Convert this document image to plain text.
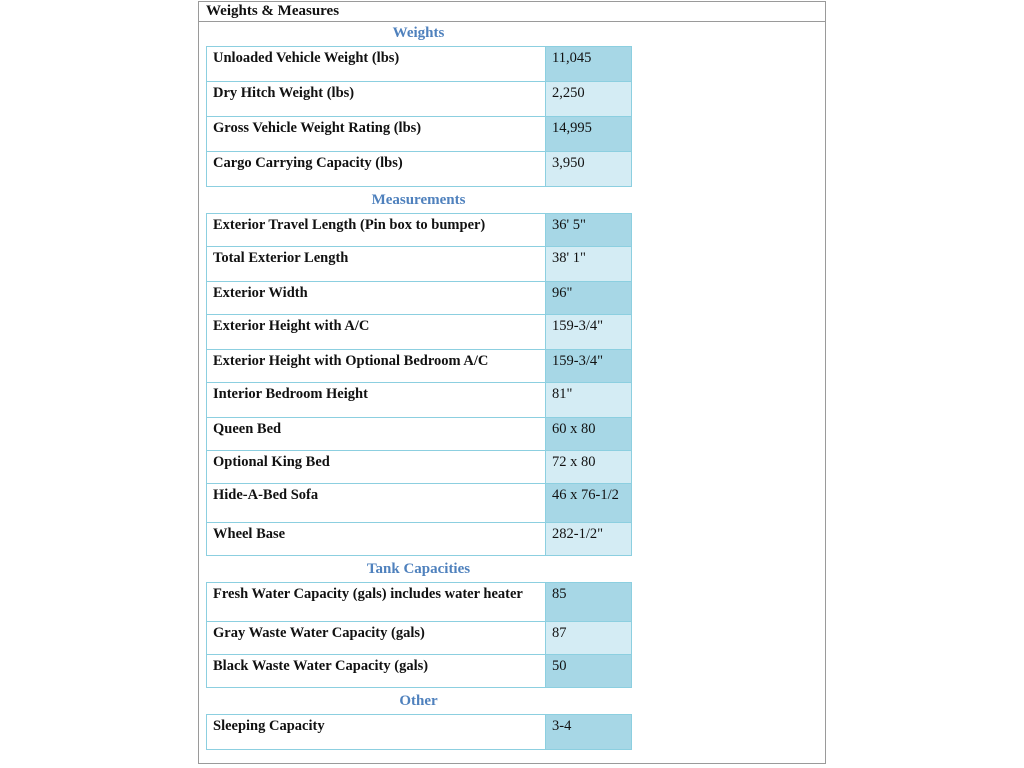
Weights & Measures
Weights
Unloaded Vehicle Weight (lbs)	11,045
Dry Hitch Weight (lbs)	2,250
Gross Vehicle Weight Rating (lbs)	14,995
Cargo Carrying Capacity (lbs)	3,950
Measurements
Exterior Travel Length (Pin box to bumper)	36' 5"
Total Exterior Length	38' 1"
Exterior Width	96"
Exterior Height with A/C	159-3/4"
Exterior Height with Optional Bedroom A/C	159-3/4"
Interior Bedroom Height	81"
Queen Bed	60 x 80
Optional King Bed	72 x 80
Hide-A-Bed Sofa	46 x 76-1/2
Wheel Base	282-1/2"
Tank Capacities
Fresh Water Capacity (gals) includes water heater	85
Gray Waste Water Capacity (gals)	87
Black Waste Water Capacity (gals)	50
Other
Sleeping Capacity	3-4
